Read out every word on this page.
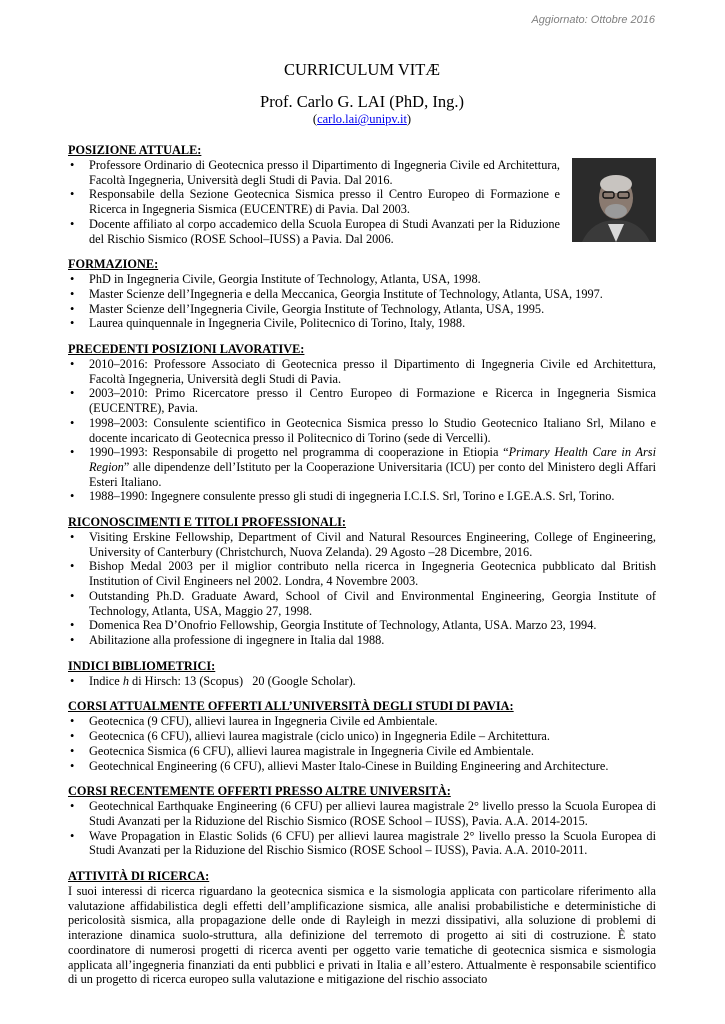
Aggiornato: Ottobre 2016
CURRICULUM VITÆ
Prof. Carlo G. LAI (PhD, Ing.)
(carlo.lai@unipv.it)

POSIZIONE ATTUALE:

• Professore Ordinario di Geotecnica presso il Dipartimento di Ingegneria Civile ed Architettura, Facoltà Ingegneria, Università degli Studi di Pavia. Dal 2016.
• Responsabile della Sezione Geotecnica Sismica presso il Centro Europeo di Formazione e Ricerca in Ingegneria Sismica (EUCENTRE) di Pavia. Dal 2003.
• Docente affiliato al corpo accademico della Scuola Europea di Studi Avanzati per la Riduzione del Rischio Sismico (ROSE School–IUSS) a Pavia. Dal 2006.

FORMAZIONE:

• PhD in Ingegneria Civile, Georgia Institute of Technology, Atlanta, USA, 1998.
• Master Scienze dell’Ingegneria e della Meccanica, Georgia Institute of Technology, Atlanta, USA, 1997.
• Master Scienze dell’Ingegneria Civile, Georgia Institute of Technology, Atlanta, USA, 1995.
• Laurea quinquennale in Ingegneria Civile, Politecnico di Torino, Italy, 1988.

PRECEDENTI POSIZIONI LAVORATIVE:

• 2010–2016: Professore Associato di Geotecnica presso il Dipartimento di Ingegneria Civile ed Architettura, Facoltà Ingegneria, Università degli Studi di Pavia.
• 2003–2010: Primo Ricercatore presso il Centro Europeo di Formazione e Ricerca in Ingegneria Sismica (EUCENTRE), Pavia.
• 1998–2003: Consulente scientifico in Geotecnica Sismica presso lo Studio Geotecnico Italiano Srl, Milano e docente incaricato di Geotecnica presso il Politecnico di Torino (sede di Vercelli).
• 1990–1993: Responsabile di progetto nel programma di cooperazione in Etiopia “Primary Health Care in Arsi Region” alle dipendenze dell’Istituto per la Cooperazione Universitaria (ICU) per conto del Ministero degli Affari Esteri Italiano.
• 1988–1990: Ingegnere consulente presso gli studi di ingegneria I.C.I.S. Srl, Torino e I.GE.A.S. Srl, Torino.

RICONOSCIMENTI E TITOLI PROFESSIONALI:

• Visiting Erskine Fellowship, Department of Civil and Natural Resources Engineering, College of Engineering, University of Canterbury (Christchurch, Nuova Zelanda). 29 Agosto –28 Dicembre, 2016.
• Bishop Medal 2003 per il miglior contributo nella ricerca in Ingegneria Geotecnica pubblicato dal British Institution of Civil Engineers nel 2002. Londra, 4 Novembre 2003.
• Outstanding Ph.D. Graduate Award, School of Civil and Environmental Engineering, Georgia Institute of Technology, Atlanta, USA, Maggio 27, 1998.
• Domenica Rea D’Onofrio Fellowship, Georgia Institute of Technology, Atlanta, USA. Marzo 23, 1994.
• Abilitazione alla professione di ingegnere in Italia dal 1988.

INDICI BIBLIOMETRICI:

• Indice h di Hirsch: 13 (Scopus)   20 (Google Scholar).

CORSI ATTUALMENTE OFFERTI ALL’UNIVERSITÀ DEGLI STUDI DI PAVIA:

• Geotecnica (9 CFU), allievi laurea in Ingegneria Civile ed Ambientale.
• Geotecnica (6 CFU), allievi laurea magistrale (ciclo unico) in Ingegneria Edile – Architettura.
• Geotecnica Sismica (6 CFU), allievi laurea magistrale in Ingegneria Civile ed Ambientale.
• Geotechnical Engineering (6 CFU), allievi Master Italo-Cinese in Building Engineering and Architecture.

CORSI RECENTEMENTE OFFERTI PRESSO ALTRE UNIVERSITÀ:

• Geotechnical Earthquake Engineering (6 CFU) per allievi laurea magistrale 2° livello presso la Scuola Europea di Studi Avanzati per la Riduzione del Rischio Sismico (ROSE School – IUSS), Pavia. A.A. 2014-2015.
• Wave Propagation in Elastic Solids (6 CFU) per allievi laurea magistrale 2° livello presso la Scuola Europea di Studi Avanzati per la Riduzione del Rischio Sismico (ROSE School – IUSS), Pavia. A.A. 2010-2011.

ATTIVITÀ DI RICERCA:

I suoi interessi di ricerca riguardano la geotecnica sismica e la sismologia applicata con particolare riferimento alla valutazione affidabilistica degli effetti dell’amplificazione sismica, alle analisi probabilistiche e deterministiche di pericolosità sismica, alla propagazione delle onde di Rayleigh in mezzi dissipativi, alla soluzione di problemi di interazione dinamica suolo-struttura, alla definizione del terremoto di progetto ai siti di costruzione. È stato coordinatore di numerosi progetti di ricerca aventi per oggetto varie tematiche di geotecnica sismica e sismologia applicata all’ingegneria finanziati da enti pubblici e privati in Italia e all’estero. Attualmente è responsabile scientifico di un progetto di ricerca europeo sulla valutazione e mitigazione del rischio associato
